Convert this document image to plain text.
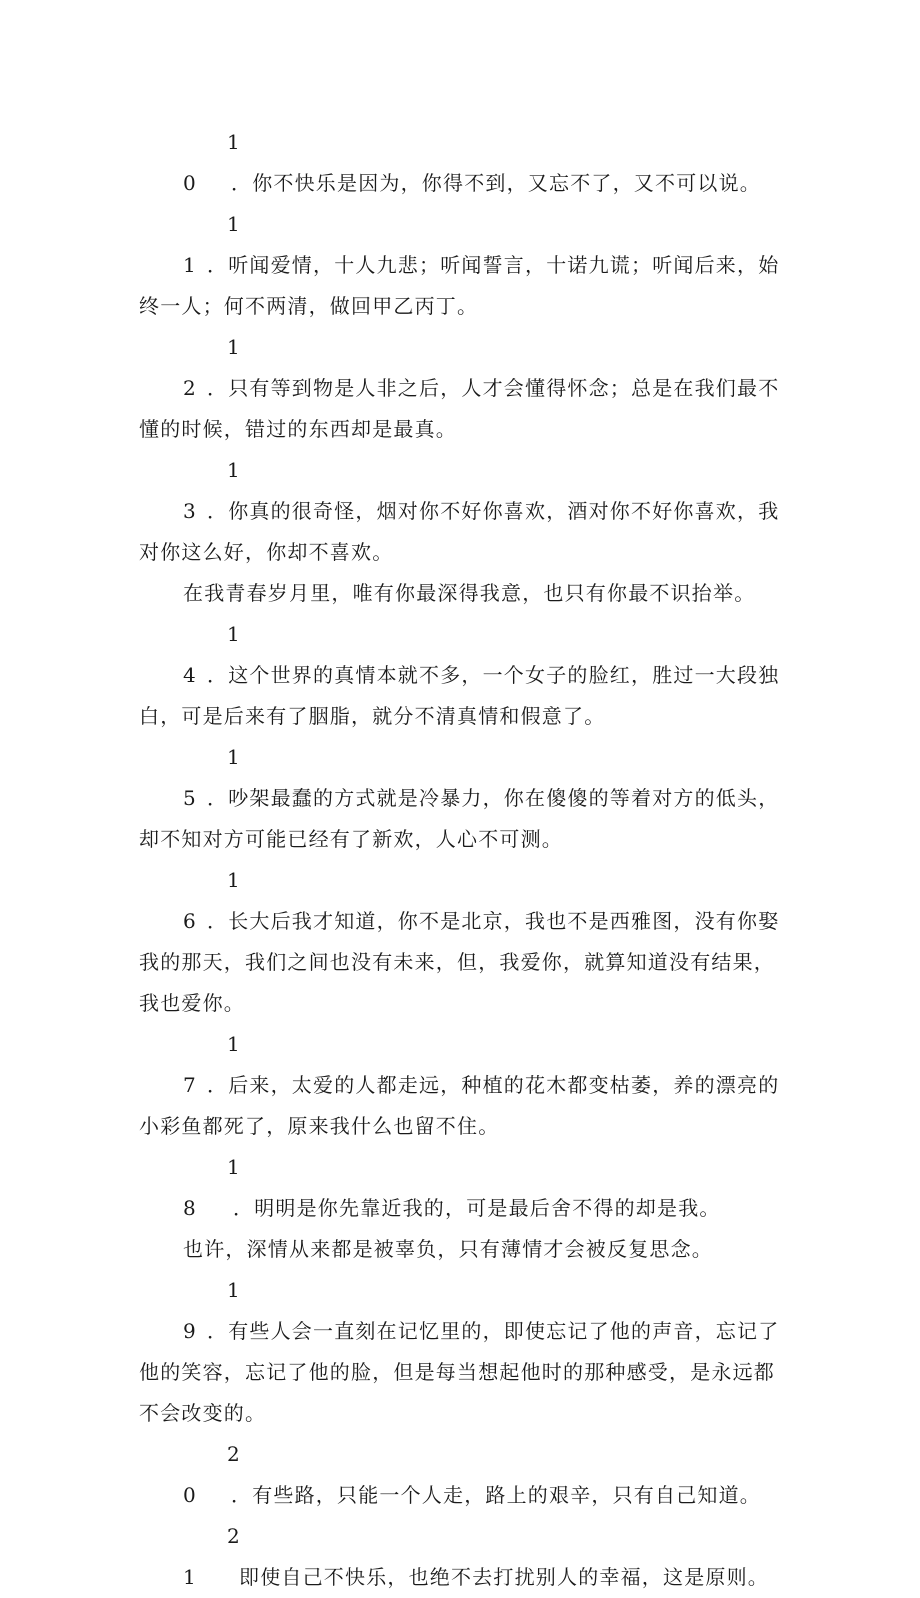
10 ．你不快乐是因为，你得不到，又忘不了，又不可以说。

11 ．听闻爱情，十人九悲；听闻誓言，十诺九谎；听闻后来，始终一人；何不两清，做回甲乙丙丁。

12 ．只有等到物是人非之后，人才会懂得怀念；总是在我们最不懂的时候，错过的东西却是最真。

13 ．你真的很奇怪，烟对你不好你喜欢，酒对你不好你喜欢，我对你这么好，你却不喜欢。

在我青春岁月里，唯有你最深得我意，也只有你最不识抬举。

14 ．这个世界的真情本就不多，一个女子的脸红，胜过一大段独白，可是后来有了胭脂，就分不清真情和假意了。

15 ．吵架最蠢的方式就是冷暴力，你在傻傻的等着对方的低头，却不知对方可能已经有了新欢，人心不可测。

16 ．长大后我才知道，你不是北京，我也不是西雅图，没有你娶我的那天，我们之间也没有未来，但，我爱你，就算知道没有结果，我也爱你。

17 ．后来，太爱的人都走远，种植的花木都变枯萎，养的漂亮的小彩鱼都死了，原来我什么也留不住。

18 ．明明是你先靠近我的，可是最后舍不得的却是我。

也许，深情从来都是被辜负，只有薄情才会被反复思念。

19 ．有些人会一直刻在记忆里的，即使忘记了他的声音，忘记了他的笑容，忘记了他的脸，但是每当想起他时的那种感受，是永远都不会改变的。

20 ．有些路，只能一个人走，路上的艰辛，只有自己知道。

21 即使自己不快乐，也绝不去打扰别人的幸福，这是原则。
